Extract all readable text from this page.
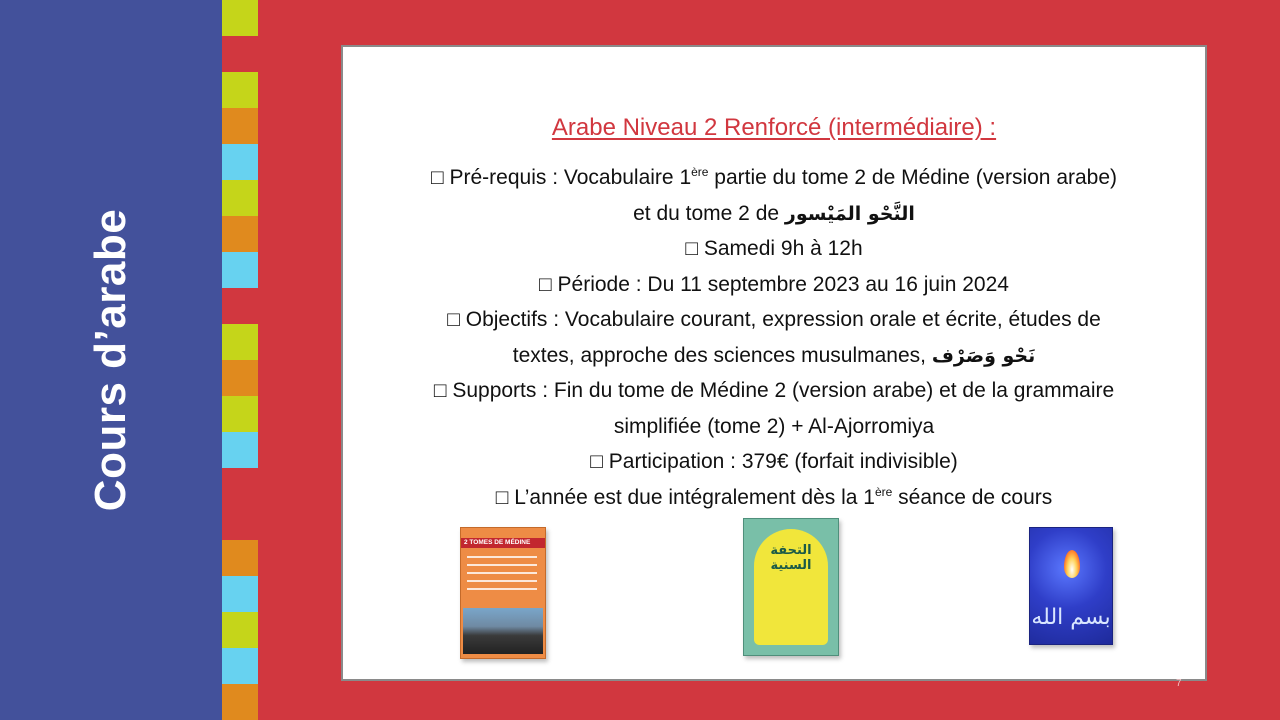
Cours d’arabe
Arabe Niveau 2 Renforcé (intermédiaire) :
□ Pré-requis : Vocabulaire 1ère partie du tome 2 de Médine (version arabe)
et du tome 2 de النَّحْو المَيْسور
□ Samedi 9h à 12h
□ Période : Du 11 septembre 2023 au 16 juin 2024
□ Objectifs : Vocabulaire courant, expression orale et écrite, études de
textes, approche des sciences musulmanes, نَحْو وَصَرْف
□ Supports : Fin du tome de Médine 2 (version arabe) et de la grammaire
simplifiée (tome 2) + Al-Ajorromiya
□ Participation : 379€ (forfait indivisible)
□ L’année est due intégralement dès la 1ère séance de cours
2 TOMES DE MÉDINE
التحفة السنية
بسم الله
7
